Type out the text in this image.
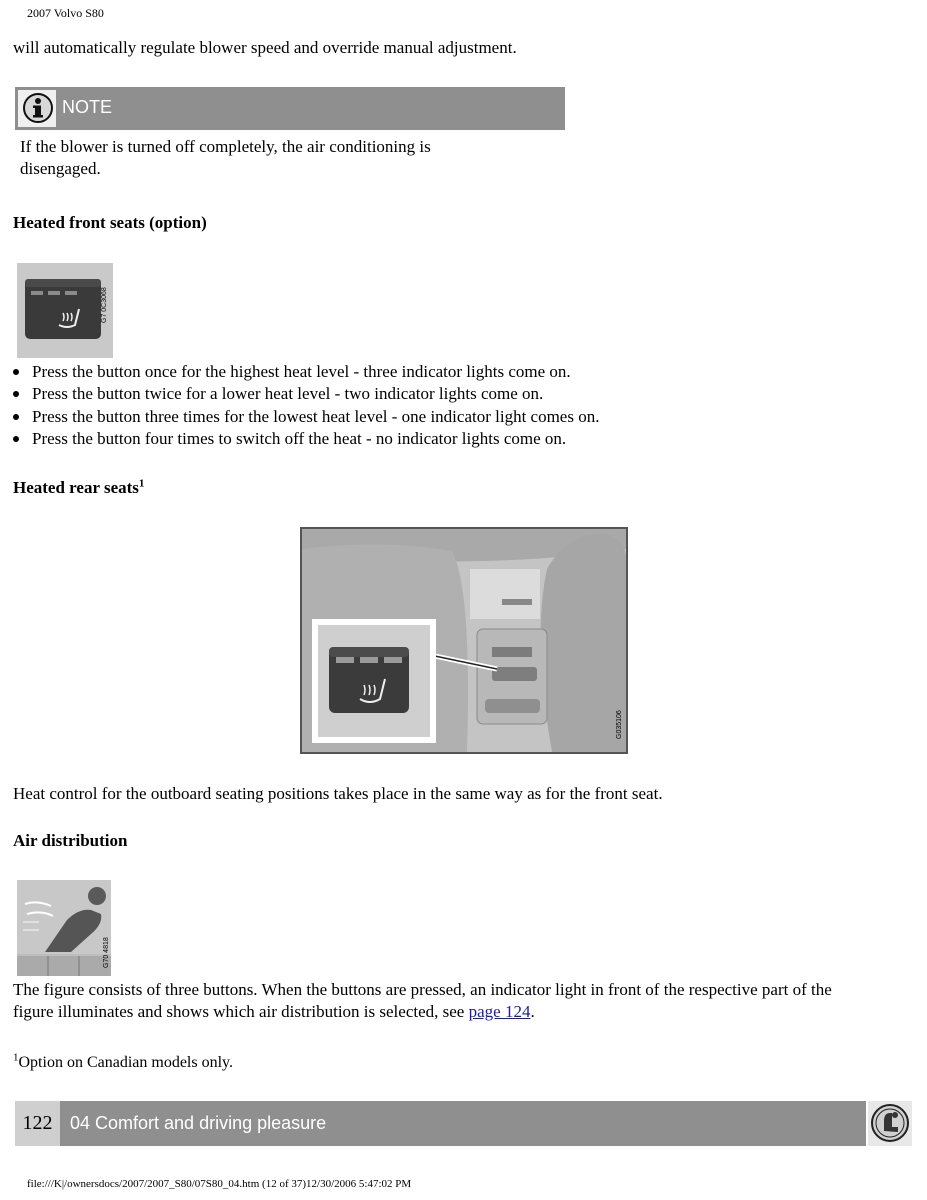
2007 Volvo S80
will automatically regulate blower speed and override manual adjustment.
NOTE
If the blower is turned off completely, the air conditioning is
disengaged.
Heated front seats (option)
G7 0C3068
Press the button once for the highest heat level - three indicator lights come on.
Press the button twice for a lower heat level - two indicator lights come on.
Press the button three times for the lowest heat level - one indicator light comes on.
Press the button four times to switch off the heat - no indicator lights come on.
Heated rear seats$^1$
G035106
Heat control for the outboard seating positions takes place in the same way as for the front seat.
Air distribution
G70 4818
The figure consists of three buttons. When the buttons are pressed, an indicator light in front of the respective part of the
figure illuminates and shows which air distribution is selected, see page 124.
$^1$Option on Canadian models only.
122 04 Comfort and driving pleasure
file:///K|/ownersdocs/2007/2007_S80/07S80_04.htm (12 of 37)12/30/2006 5:47:02 PM
